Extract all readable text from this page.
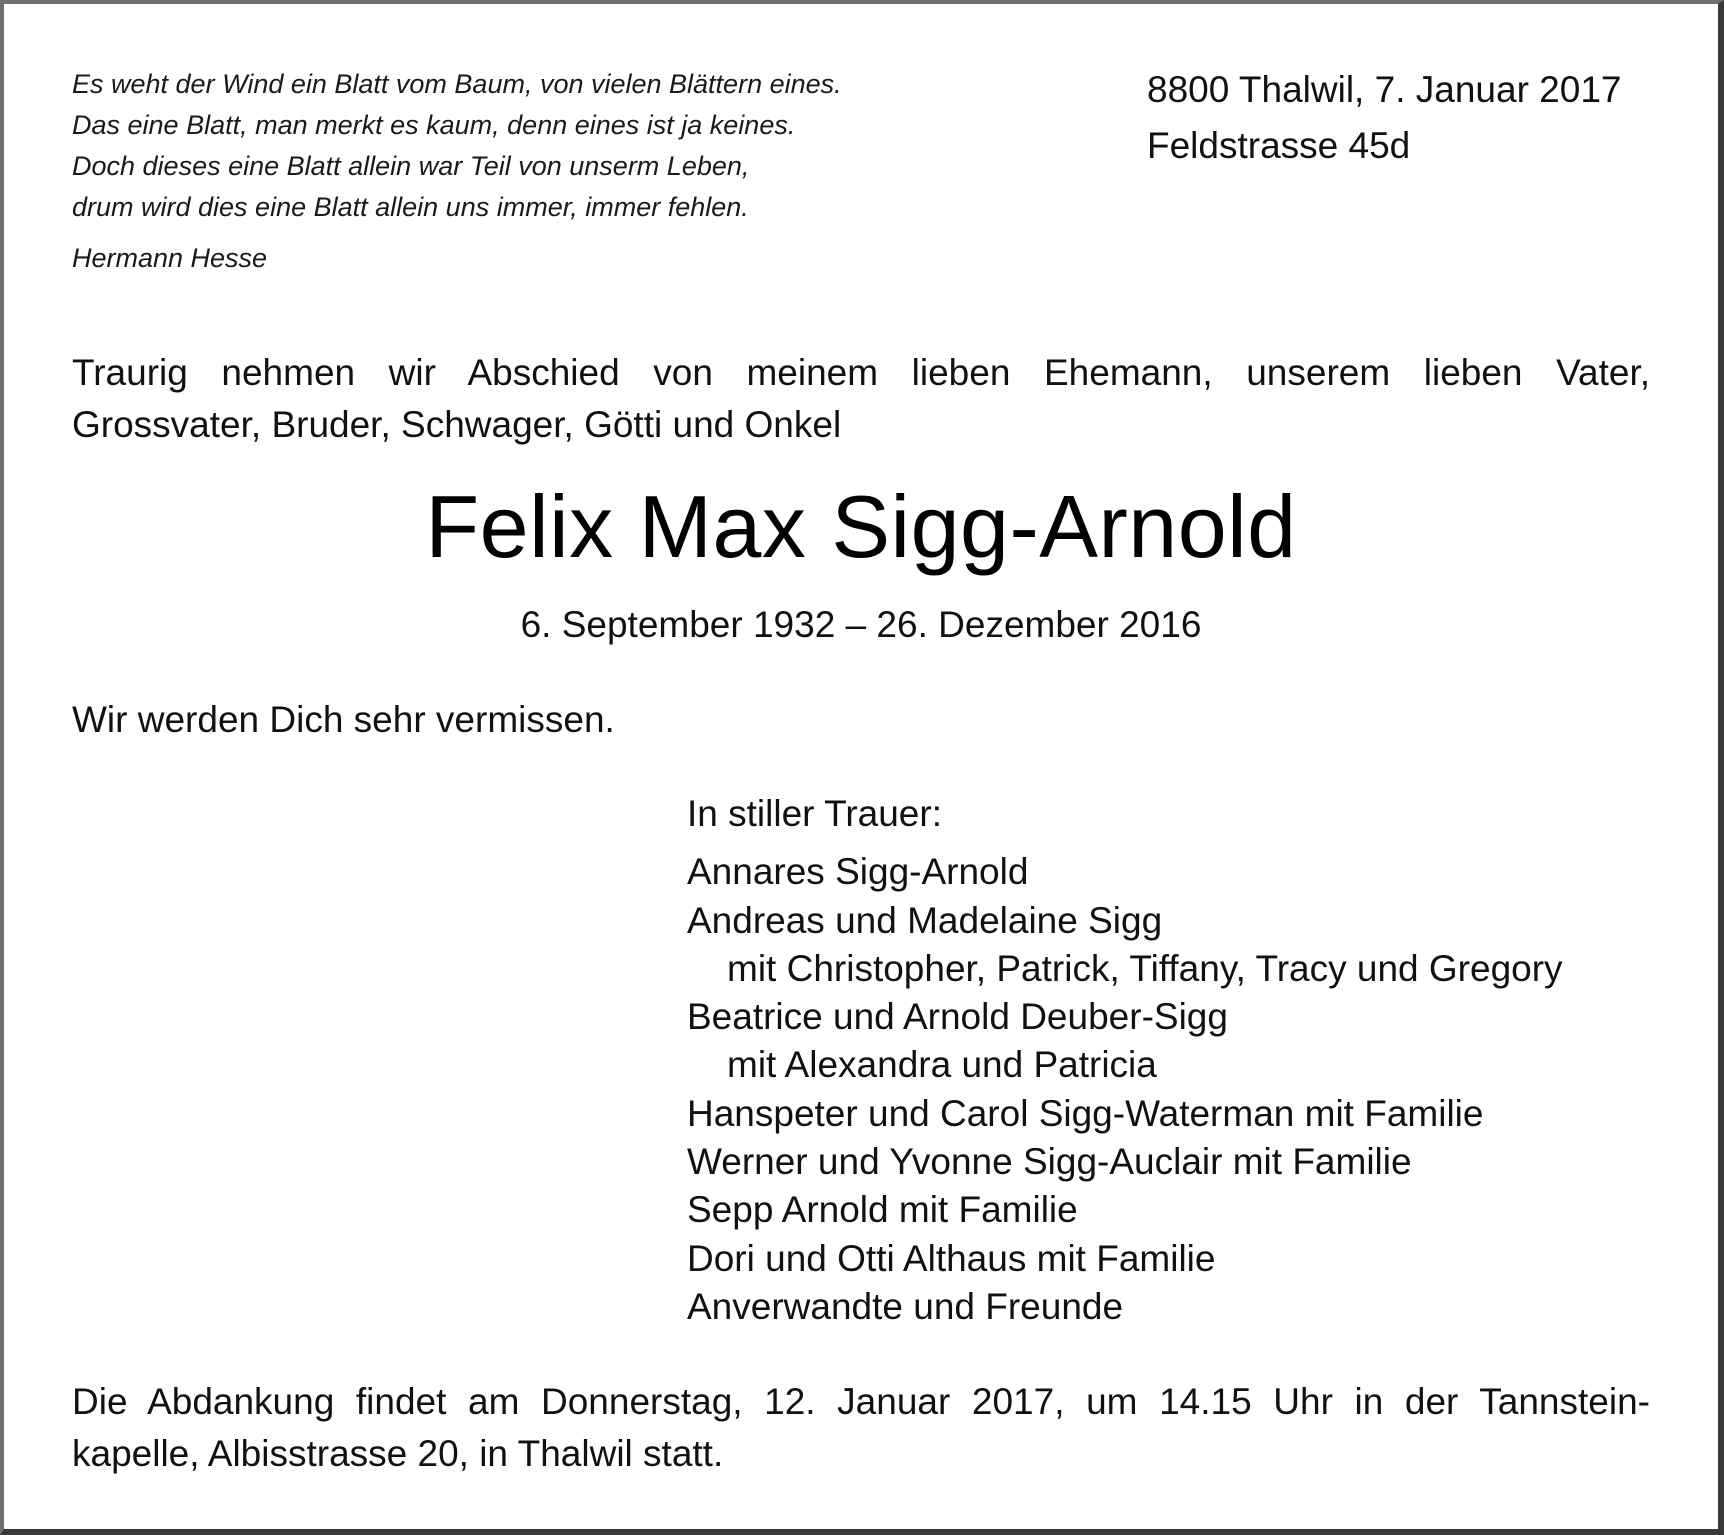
Es weht der Wind ein Blatt vom Baum, von vielen Blättern eines.
Das eine Blatt, man merkt es kaum, denn eines ist ja keines.
Doch dieses eine Blatt allein war Teil von unserm Leben,
drum wird dies eine Blatt allein uns immer, immer fehlen.
Hermann Hesse
8800 Thalwil, 7. Januar 2017
Feldstrasse 45d
Traurig nehmen wir Abschied von meinem lieben Ehemann, unserem lieben Vater,
Grossvater, Bruder, Schwager, Götti und Onkel
Felix Max Sigg-Arnold
6. September 1932 – 26. Dezember 2016
Wir werden Dich sehr vermissen.
In stiller Trauer:
Annares Sigg-Arnold
Andreas und Madelaine Sigg
mit Christopher, Patrick, Tiffany, Tracy und Gregory
Beatrice und Arnold Deuber-Sigg
mit Alexandra und Patricia
Hanspeter und Carol Sigg-Waterman mit Familie
Werner und Yvonne Sigg-Auclair mit Familie
Sepp Arnold mit Familie
Dori und Otti Althaus mit Familie
Anverwandte und Freunde
Die Abdankung findet am Donnerstag, 12. Januar 2017, um 14.15 Uhr in der Tannstein-
kapelle, Albisstrasse 20, in Thalwil statt.
